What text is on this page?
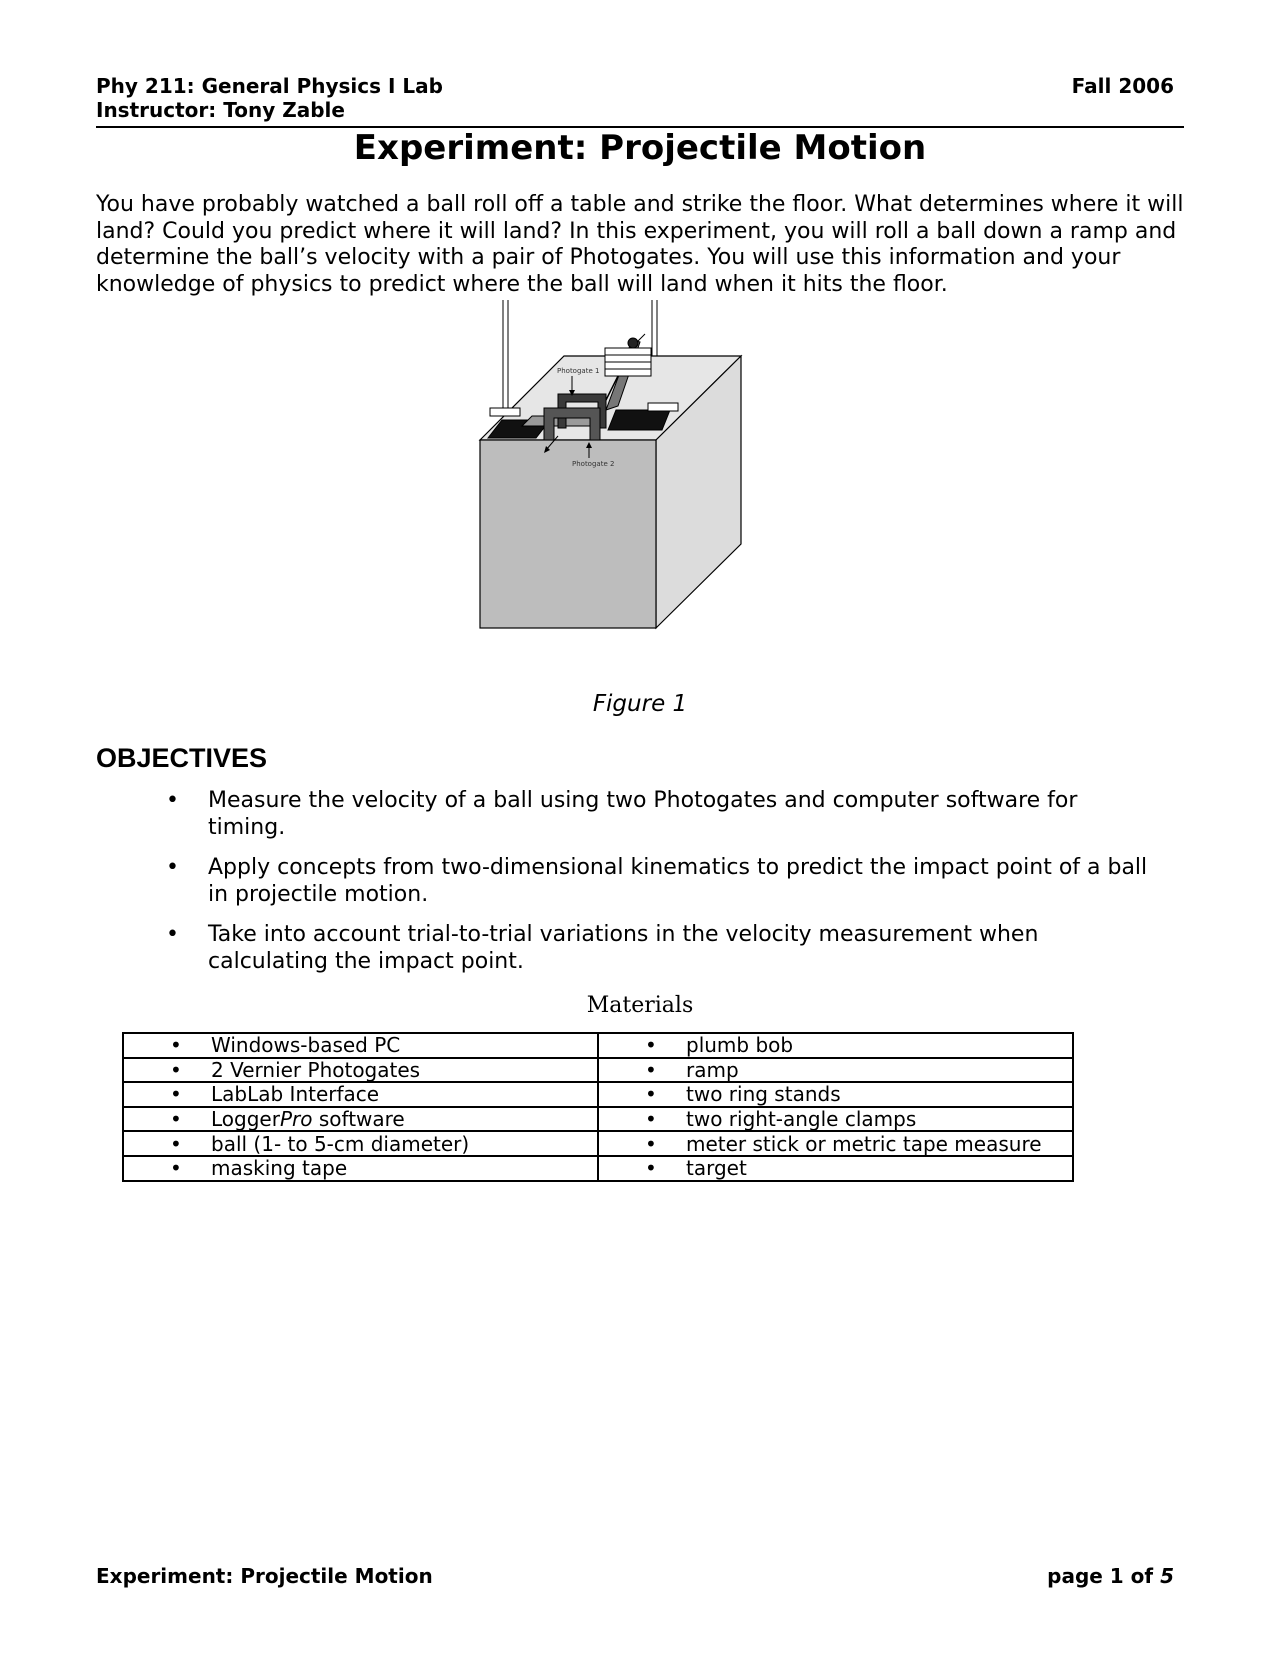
Phy 211: General Physics I Lab
Instructor: Tony Zable
Fall 2006
Experiment: Projectile Motion

You have probably watched a ball roll off a table and strike the floor. What determines where it will land? Could you predict where it will land? In this experiment, you will roll a ball down a ramp and determine the ball’s velocity with a pair of Photogates. You will use this information and your knowledge of physics to predict where the ball will land when it hits the floor.

Photogate 1
Photogate 2
Figure 1
OBJECTIVES
• Measure the velocity of a ball using two Photogates and computer software for timing.
• Apply concepts from two-dimensional kinematics to predict the impact point of a ball in projectile motion.
• Take into account trial-to-trial variations in the velocity measurement when calculating the impact point.
Materials
• Windows-based PC	• plumb bob

• 2 Vernier Photogates	• ramp

• LabLab Interface	• two ring stands

• LoggerPro software	• two right-angle clamps

• ball (1- to 5-cm diameter)	• meter stick or metric tape measure

• masking tape	• target
Experiment: Projectile Motion	page 1 of 5
